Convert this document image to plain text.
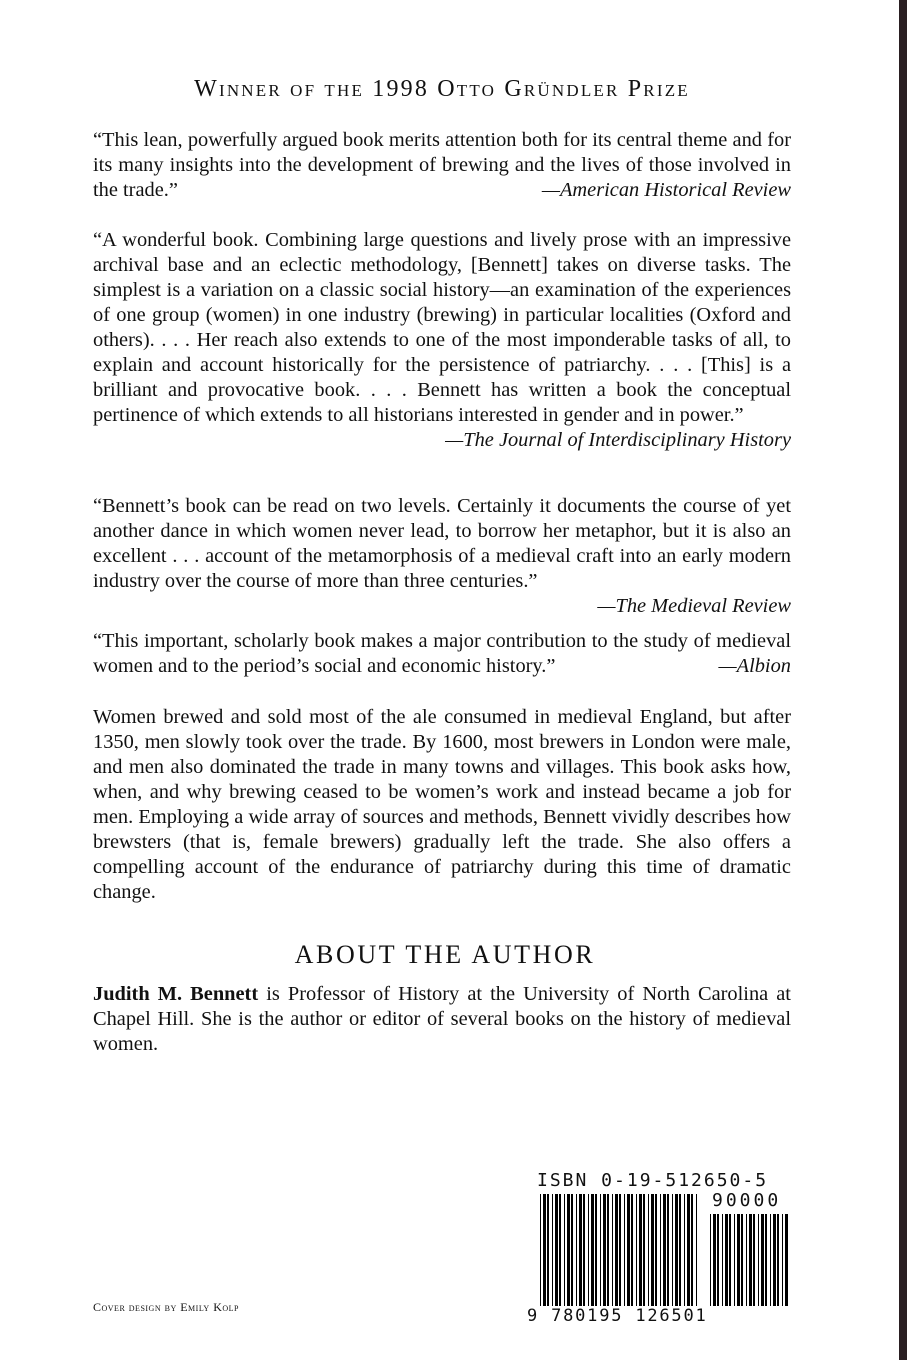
Winner of the 1998 Otto Gründler Prize

“This lean, powerfully argued book merits attention both for its central theme and for its many insights into the development of brewing and the lives of those involved in the trade.”	—American Historical Review

“A wonderful book. Combining large questions and lively prose with an impressive archival base and an eclectic methodology, [Bennett] takes on diverse tasks. The simplest is a variation on a classic social history—an examination of the experiences of one group (women) in one industry (brewing) in particular localities (Oxford and others). . . . Her reach also extends to one of the most imponderable tasks of all, to explain and account historically for the persistence of patriarchy. . . . [This] is a brilliant and provocative book. . . . Bennett has written a book the conceptual pertinence of which extends to all historians interested in gender and in power.”
—The Journal of Interdisciplinary History

“Bennett’s book can be read on two levels. Certainly it documents the course of yet another dance in which women never lead, to borrow her metaphor, but it is also an excellent . . . account of the metamorphosis of a medieval craft into an early modern industry over the course of more than three centuries.”
—The Medieval Review

“This important, scholarly book makes a major contribution to the study of medieval women and to the period’s social and economic history.”	—Albion

Women brewed and sold most of the ale consumed in medieval England, but after 1350, men slowly took over the trade. By 1600, most brewers in London were male, and men also dominated the trade in many towns and villages. This book asks how, when, and why brewing ceased to be women’s work and instead became a job for men. Employing a wide array of sources and methods, Bennett vividly describes how brewsters (that is, female brewers) gradually left the trade. She also offers a compelling account of the endurance of patriarchy during this time of dramatic change.

ABOUT THE AUTHOR

Judith M. Bennett is Professor of History at the University of North Carolina at Chapel Hill. She is the author or editor of several books on the history of medieval women.

Cover design by Emily Kolp
ISBN 0-19-512650-5
90000
9 780195 126501
